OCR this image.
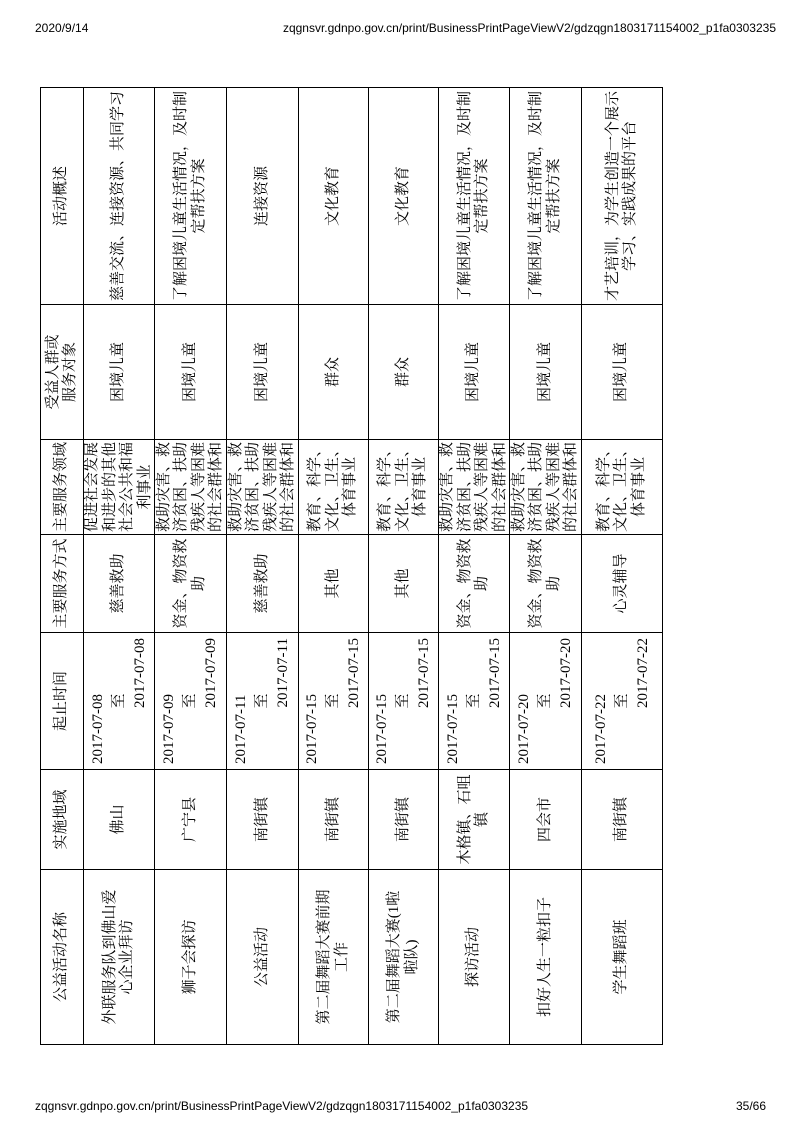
2020/9/14	zqgnsvr.gdnpo.gov.cn/print/BusinessPrintPageViewV2/gdzqgn1803171154002_p1fa0303235
公益活动名称	实施地域	起止时间	主要服务方式	主要服务领域	受益人群或服务对象	活动概述
外联服务队到佛山爱心企业拜访	佛山	2017-07-08 至 2017-07-08	慈善救助	促进社会发展和进步的其他社会公共和福利事业	困境儿童	慈善交流、连接资源、共同学习
狮子会探访	广宁县	2017-07-09 至 2017-07-09	资金、物资救助	救助灾害、救济贫困、扶助残疾人等困难的社会群体和	困境儿童	了解困境儿童生活情况，及时制定帮扶方案
公益活动	南街镇	2017-07-11 至 2017-07-11	慈善救助	救助灾害、救济贫困、扶助残疾人等困难的社会群体和	困境儿童	连接资源
第二届舞蹈大赛前期工作	南街镇	2017-07-15 至 2017-07-15	其他	教育、科学、文化、卫生、体育事业	群众	文化教育
第二届舞蹈大赛(1啦啦队)	南街镇	2017-07-15 至 2017-07-15	其他	教育、科学、文化、卫生、体育事业	群众	文化教育
探访活动	木格镇、石咀镇	2017-07-15 至 2017-07-15	资金、物资救助	救助灾害、救济贫困、扶助残疾人等困难的社会群体和	困境儿童	了解困境儿童生活情况，及时制定帮扶方案
扣好人生一粒扣子	四会市	2017-07-20 至 2017-07-20	资金、物资救助	救助灾害、救济贫困、扶助残疾人等困难的社会群体和	困境儿童	了解困境儿童生活情况，及时制定帮扶方案
学生舞蹈班	南街镇	2017-07-22 至 2017-07-22	心灵辅导	教育、科学、文化、卫生、体育事业	困境儿童	才艺培训，为学生创造一个展示学习、实践成果的平台
zqgnsvr.gdnpo.gov.cn/print/BusinessPrintPageViewV2/gdzqgn1803171154002_p1fa0303235	35/66
